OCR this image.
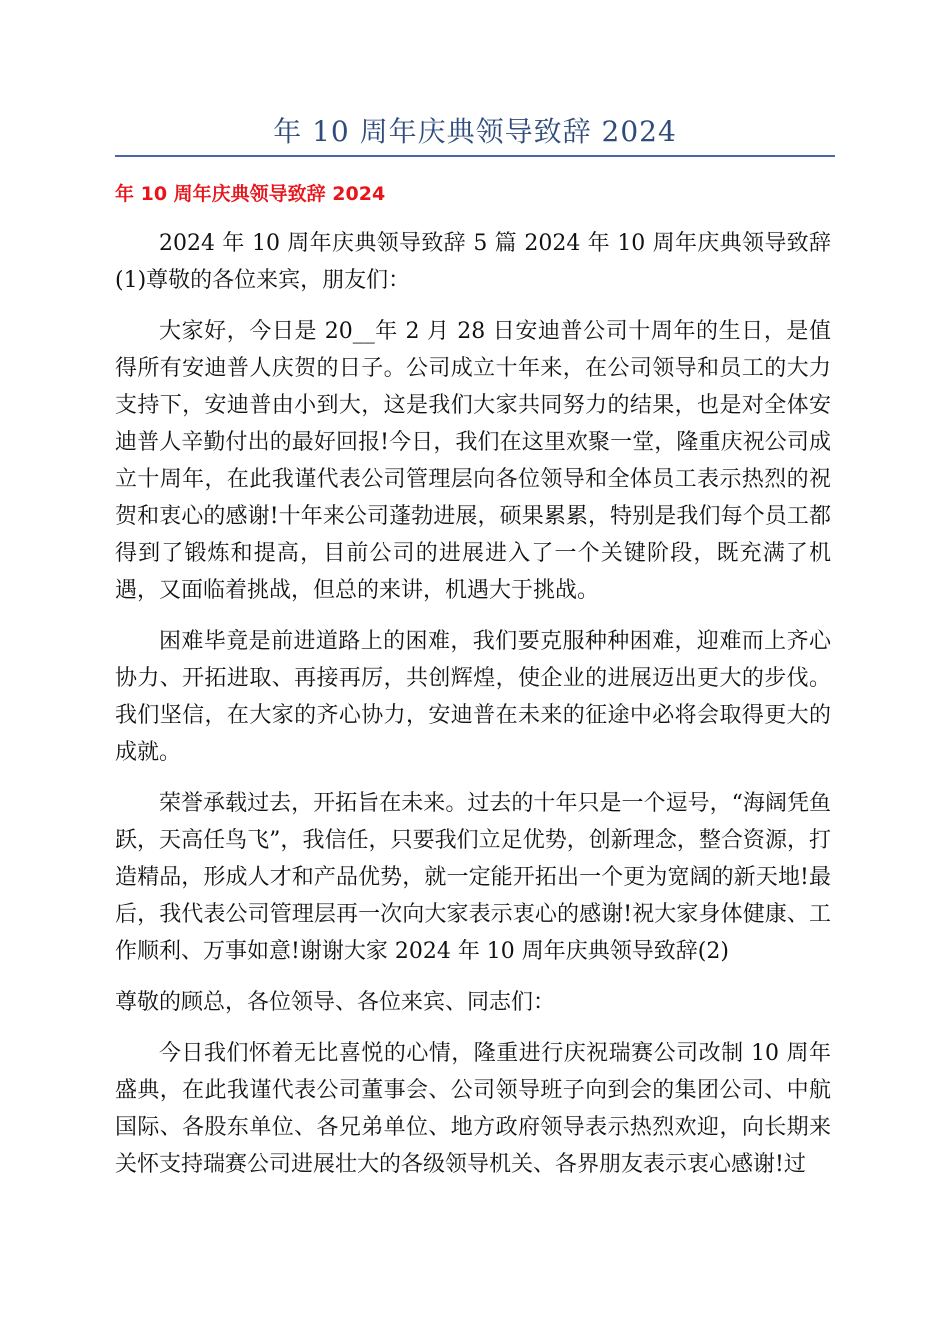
年 10 周年庆典领导致辞 2024
年 10 周年庆典领导致辞 2024

2024 年 10 周年庆典领导致辞 5 篇 2024 年 10 周年庆典领导致辞(1)尊敬的各位来宾，朋友们：

大家好，今日是 20__年 2 月 28 日安迪普公司十周年的生日，是值得所有安迪普人庆贺的日子。公司成立十年来，在公司领导和员工的大力支持下，安迪普由小到大，这是我们大家共同努力的结果，也是对全体安迪普人辛勤付出的最好回报!今日，我们在这里欢聚一堂，隆重庆祝公司成立十周年，在此我谨代表公司管理层向各位领导和全体员工表示热烈的祝贺和衷心的感谢!十年来公司蓬勃进展，硕果累累，特别是我们每个员工都得到了锻炼和提高，目前公司的进展进入了一个关键阶段，既充满了机遇，又面临着挑战，但总的来讲，机遇大于挑战。

困难毕竟是前进道路上的困难，我们要克服种种困难，迎难而上齐心协力、开拓进取、再接再厉，共创辉煌，使企业的进展迈出更大的步伐。我们坚信，在大家的齐心协力，安迪普在未来的征途中必将会取得更大的成就。

荣誉承载过去，开拓旨在未来。过去的十年只是一个逗号，“海阔凭鱼跃，天高任鸟飞”，我信任，只要我们立足优势，创新理念，整合资源，打造精品，形成人才和产品优势，就一定能开拓出一个更为宽阔的新天地!最后，我代表公司管理层再一次向大家表示衷心的感谢!祝大家身体健康、工作顺利、万事如意!谢谢大家 2024 年 10 周年庆典领导致辞(2)

尊敬的顾总，各位领导、各位来宾、同志们：

今日我们怀着无比喜悦的心情，隆重进行庆祝瑞赛公司改制 10 周年盛典，在此我谨代表公司董事会、公司领导班子向到会的集团公司、中航国际、各股东单位、各兄弟单位、地方政府领导表示热烈欢迎，向长期来关怀支持瑞赛公司进展壮大的各级领导机关、各界朋友表示衷心感谢!过
